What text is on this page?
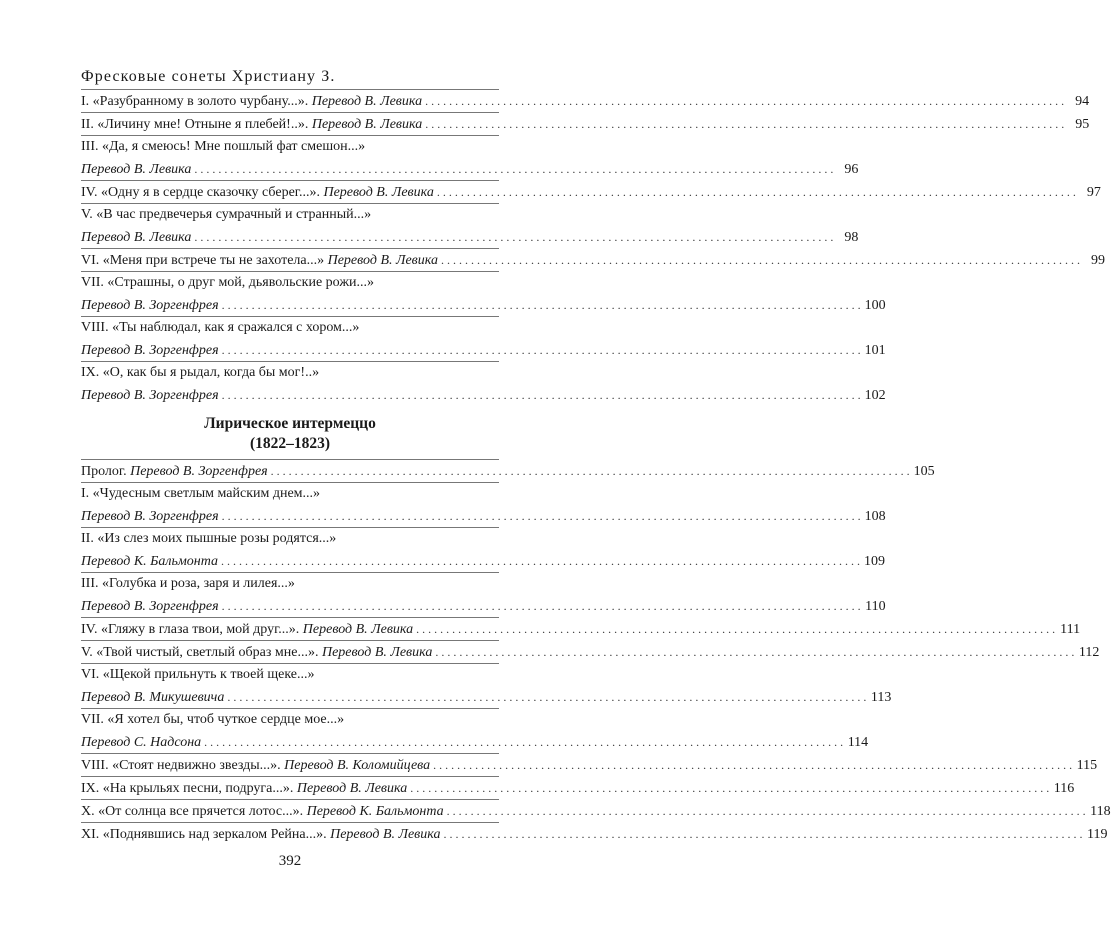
Фресковые сонеты Христиану З.
I. «Разубранному в золото чурбану...». Перевод В. Левика . . .	94
II. «Личину мне! Отныне я плебей!..». Перевод В. Левика . . .	95
III. «Да, я смеюсь! Мне пошлый фат смешон...»
Перевод В. Левика . . .	96
IV. «Одну я в сердце сказочку сберег...». Перевод В. Левика . . .	97
V. «В час предвечерья сумрачный и странный...»
Перевод В. Левика . . .	98
VI. «Меня при встрече ты не захотела...» Перевод В. Левика . . .	99
VII. «Страшны, о друг мой, дьявольские рожи...»
Перевод В. Зоргенфрея . . .	100
VIII. «Ты наблюдал, как я сражался с хором...»
Перевод В. Зоргенфрея . . .	101
IX. «О, как бы я рыдал, когда бы мог!..»
Перевод В. Зоргенфрея . . .	102
Лирическое интермеццо
(1822–1823)
Пролог. Перевод В. Зоргенфрея . . .	105
I. «Чудесным светлым майским днем...»
Перевод В. Зоргенфрея . . .	108
II. «Из слез моих пышные розы родятся...»
Перевод К. Бальмонта . . .	109
III. «Голубка и роза, заря и лилея...»
Перевод В. Зоргенфрея . . .	110
IV. «Гляжу в глаза твои, мой друг...». Перевод В. Левика . . .	111
V. «Твой чистый, светлый образ мне...». Перевод В. Левика . . .	112
VI. «Щекой прильнуть к твоей щеке...»
Перевод В. Микушевича . . .	113
VII. «Я хотел бы, чтоб чуткое сердце мое...»
Перевод С. Надсона . . .	114
VIII. «Стоят недвижно звезды...». Перевод В. Коломийцева . . .	115
IX. «На крыльях песни, подруга...». Перевод В. Левика . . .	116
X. «От солнца все прячется лотос...». Перевод К. Бальмонта . . .	118
XI. «Поднявшись над зеркалом Рейна...». Перевод В. Левика . . .	119
392
